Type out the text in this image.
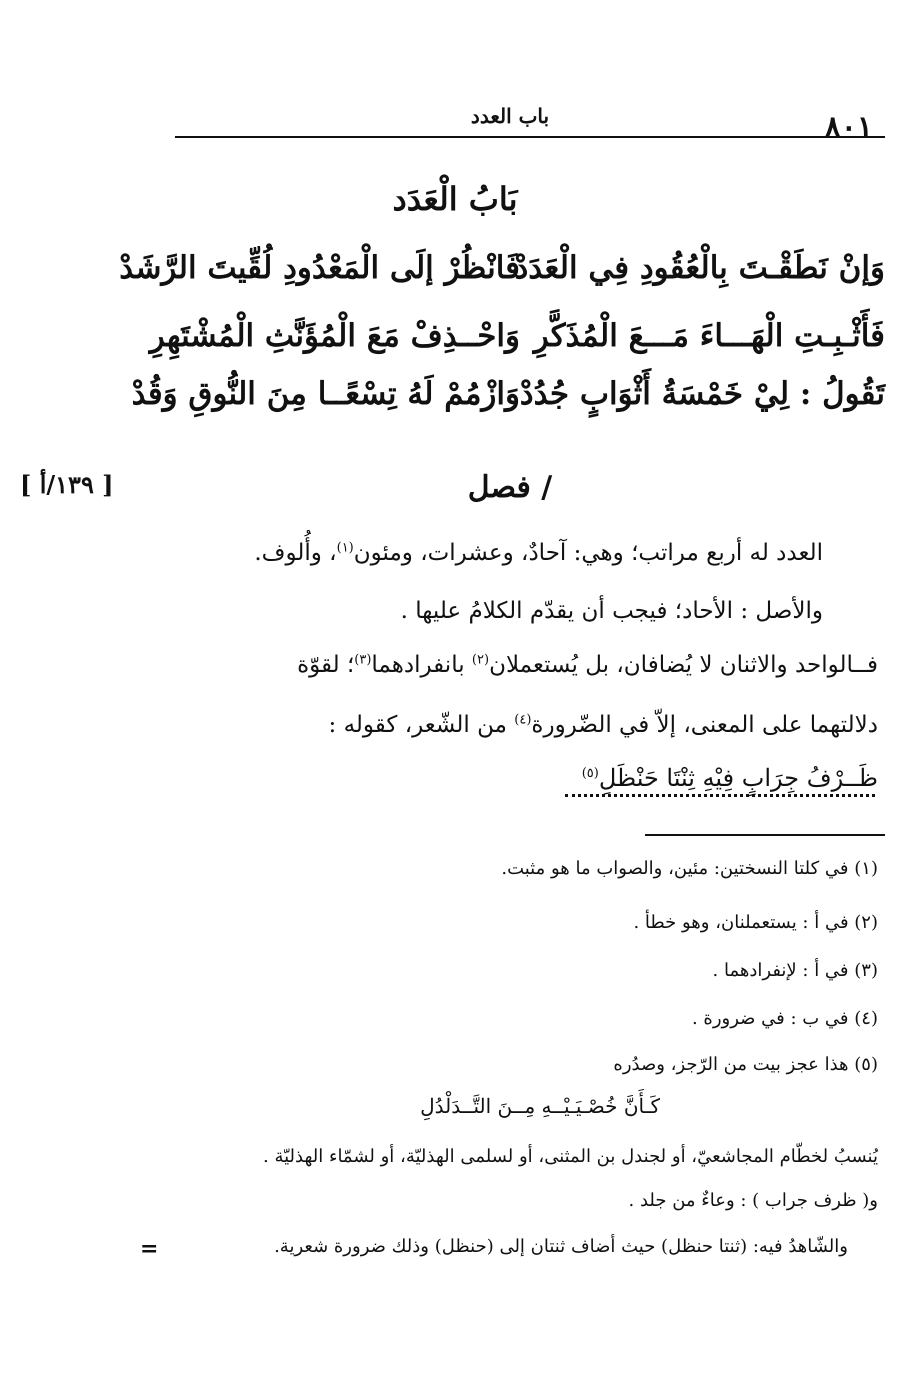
٨٠١
باب العدد
بَابُ الْعَدَد
وَإنْ نَطَقْـتَ بِالْعُقُودِ فِي الْعَدَدْ
فَانْظُرْ إلَى الْمَعْدُودِ لُقِّيتَ الرَّشَدْ
فَأَثْـبِـتِ الْهَـــاءَ مَـــعَ الْمُذَكَّرِ
وَاحْــذِفْ مَعَ الْمُؤَنَّثِ الْمُشْتَهِرِ
تَقُولُ : لِيْ خَمْسَةُ أَثْوَابٍ جُدُدْ
وَازْمُمْ لَهُ تِسْعًــا مِنَ النُّوقِ وَقُدْ
[ ١٣٩/أ ]	/ فصل
العدد له أربع مراتب؛ وهي: آحادٌ، وعشرات، ومئون$^{(١)}$، وأُلوف.
والأصل : الأحاد؛ فيجب أن يقدّم الكلامُ عليها .
فــالواحد والاثنان لا يُضافان، بل يُستعملان$^{(٢)}$ بانفرادهما$^{(٣)}$؛ لقوّة
دلالتهما على المعنى، إلاّ في الضّرورة$^{(٤)}$ من الشّعر، كقوله :
ظَــرْفُ جِرَابٍ فِيْهِ ثِنْتَا حَنْظَلِ$^{(٥)}$
(١) في كلتا النسختين: مئين، والصواب ما هو مثبت.
(٢) في أ : يستعملنان، وهو خطأ .
(٣) في أ : لإنفرادهما .
(٤) في ب : في ضرورة .
(٥) هذا عجز بيت من الرّجز، وصدُره
كَـأَنَّ خُصْـيَـيْــهِ مِــنَ التَّــدَلْدُلِ
يُنسبُ لخطّام المجاشعيّ، أو لجندل بن المثنى، أو لسلمى الهذليّة، أو لشمّاء الهذليّة .
و( ظرف جراب ) : وعاءٌ من جلد .
والشّاهدُ فيه: (ثنتا حنظل) حيث أضاف ثنتان إلى (حنظل) وذلك ضرورة شعرية.
=
